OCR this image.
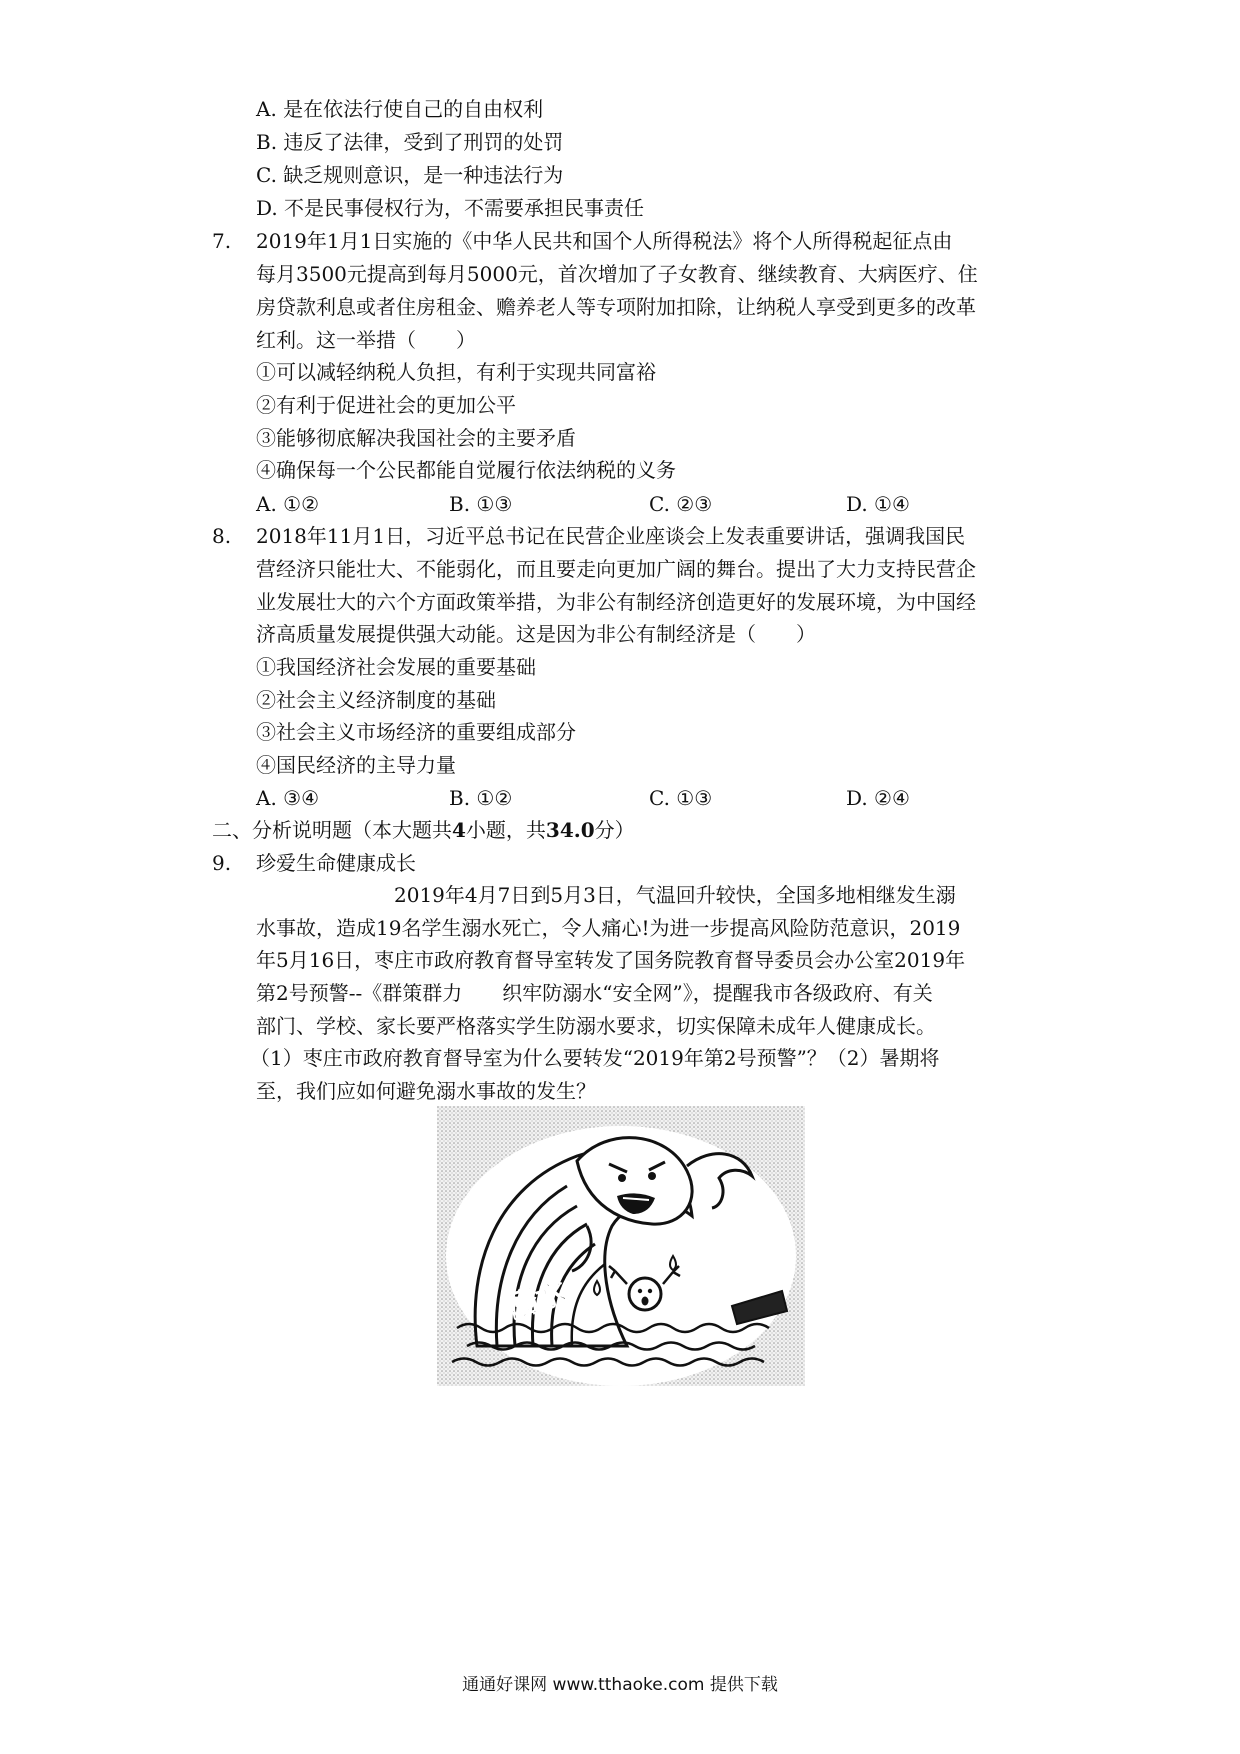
A. 是在依法行使自己的自由权利
B. 违反了法律，受到了刑罚的处罚
C. 缺乏规则意识，是一种违法行为
D. 不是民事侵权行为，不需要承担民事责任
7. 2019年1月1日实施的《中华人民共和国个人所得税法》将个人所得税起征点由
每月3500元提高到每月5000元，首次增加了子女教育、继续教育、大病医疗、住
房贷款利息或者住房租金、赡养老人等专项附加扣除，让纳税人享受到更多的改革
红利。这一举措（　　）
①可以减轻纳税人负担，有利于实现共同富裕
②有利于促进社会的更加公平
③能够彻底解决我国社会的主要矛盾
④确保每一个公民都能自觉履行依法纳税的义务
A. ①②	B. ①③	C. ②③	D. ①④
8. 2018年11月1日，习近平总书记在民营企业座谈会上发表重要讲话，强调我国民
营经济只能壮大、不能弱化，而且要走向更加广阔的舞台。提出了大力支持民营企
业发展壮大的六个方面政策举措，为非公有制经济创造更好的发展环境，为中国经
济高质量发展提供强大动能。这是因为非公有制经济是（　　）
①我国经济社会发展的重要基础
②社会主义经济制度的基础
③社会主义市场经济的重要组成部分
④国民经济的主导力量
A. ③④	B. ①②	C. ①③	D. ②④
二、分析说明题（本大题共4小题，共34.0分）
9. 珍爱生命健康成长
2019年4月7日到5月3日，气温回升较快，全国多地相继发生溺
水事故，造成19名学生溺水死亡，令人痛心!为进一步提高风险防范意识，2019
年5月16日，枣庄市政府教育督导室转发了国务院教育督导委员会办公室2019年
第2号预警--《群策群力　　织牢防溺水“安全网”》，提醒我市各级政府、有关
部门、学校、家长要严格落实学生防溺水要求，切实保障未成年人健康成长。
（1）枣庄市政府教育督导室为什么要转发“2019年第2号预警”？（2）暑期将
至，我们应如何避免溺水事故的发生？
溺水
通通好课网 www.tthaoke.com 提供下载
